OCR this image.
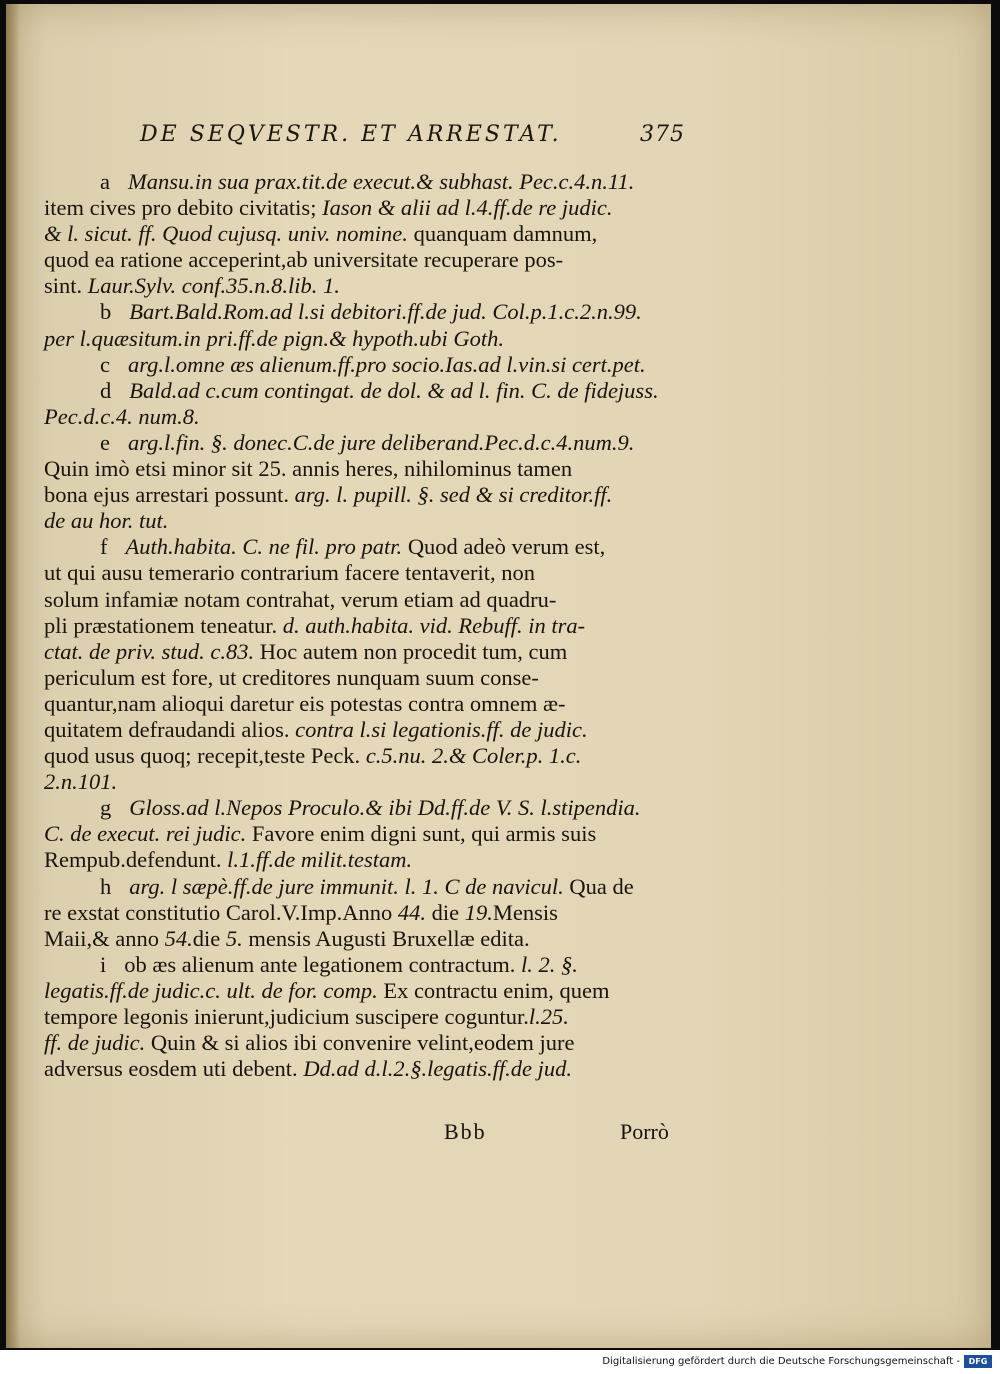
DE SEQVESTR. ET ARRESTAT.	375
a Mansu.in sua prax.tit.de execut.& subhast. Pec.c.4.n.11.
item cives pro debito civitatis; Iason & alii ad l.4.ff.de re judic.
& l. sicut. ff. Quod cujusq. univ. nomine. quanquam damnum,
quod ea ratione acceperint,ab universitate recuperare pos-
sint. Laur.Sylv. conf.35.n.8.lib. 1.
b Bart.Bald.Rom.ad l.si debitori.ff.de jud. Col.p.1.c.2.n.99.
per l.quæsitum.in pri.ff.de pign.& hypoth.ubi Goth.
c arg.l.omne æs alienum.ff.pro socio.Ias.ad l.vin.si cert.pet.
d Bald.ad c.cum contingat. de dol. & ad l. fin. C. de fidejuss.
Pec.d.c.4. num.8.
e arg.l.fin. §. donec.C.de jure deliberand.Pec.d.c.4.num.9.
Quin imò etsi minor sit 25. annis heres, nihilominus tamen
bona ejus arrestari possunt. arg. l. pupill. §. sed & si creditor.ff.
de au hor. tut.
f Auth.habita. C. ne fil. pro patr. Quod adeò verum est,
ut qui ausu temerario contrarium facere tentaverit, non
solum infamiæ notam contrahat, verum etiam ad quadru-
pli præstationem teneatur. d. auth.habita. vid. Rebuff. in tra-
ctat. de priv. stud. c.83. Hoc autem non procedit tum, cum
periculum est fore, ut creditores nunquam suum conse-
quantur,nam alioqui daretur eis potestas contra omnem æ-
quitatem defraudandi alios. contra l.si legationis.ff. de judic.
quod usus quoq; recepit,teste Peck. c.5.nu. 2.& Coler.p. 1.c.
2.n.101.
g Gloss.ad l.Nepos Proculo.& ibi Dd.ff.de V. S. l.stipendia.
C. de execut. rei judic. Favore enim digni sunt, qui armis suis
Rempub.defendunt. l.1.ff.de milit.testam.
h arg. l sæpè.ff.de jure immunit. l. 1. C de navicul. Qua de
re exstat constitutio Carol.V.Imp.Anno 44. die 19.Mensis
Maii,& anno 54.die 5. mensis Augusti Bruxellæ edita.
i ob æs alienum ante legationem contractum. l. 2. §.
legatis.ff.de judic.c. ult. de for. comp. Ex contractu enim, quem
tempore legonis inierunt,judicium suscipere coguntur.l.25.
ff. de judic. Quin & si alios ibi convenire velint,eodem jure
adversus eosdem uti debent. Dd.ad d.l.2.§.legatis.ff.de jud.
Bbb	Porrò
Digitalisierung gefördert durch die Deutsche Forschungsgemeinschaft -	DFG
